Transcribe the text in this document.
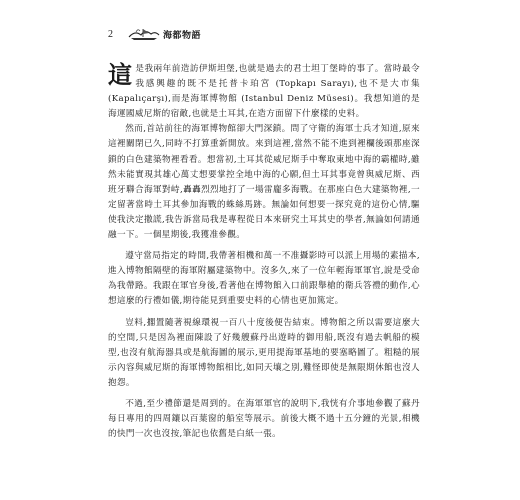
2	海都物語

這是我兩年前造訪伊斯坦堡,也就是過去的君士坦丁堡時的事了。當時最令我感興趣的既不是托普卡珀宮 (Topkapı Sarayı),也不是大市集 (Kapalıçarşı),而是海軍博物館 (Istanbul Deniz Müsesi)。我想知道的是海運國威尼斯的宿敵,也就是土耳其,在造方面留下什麼樣的史料。

然而,首站前往的海軍博物館卻大門深鎖。問了守衛的海軍士兵才知道,原來這裡關閉已久,同時不打算重新開放。來到這裡,當然不能不進到裡欄後頭那座深鎖的白色建築物裡看看。想當初,土耳其從威尼斯手中奪取東地中海的霸權時,雖然未能實現其雄心萬丈想要掌控全地中海的心願,但土耳其事竟曾與威尼斯、西班牙聯合海軍對峙,轟轟烈烈地打了一場雷龐多海戰。在那座白色大建築物裡,一定留著當時土耳其參加海戰的蛛絲馬跡。無論如何想要一探究竟的這份心情,驅使我決定撒謊,我告訴當局我是專程從日本來研究土耳其史的學者,無論如何請通融一下。一個星期後,我獲准參觀。

遵守當局指定的時間,我帶著相機和萬一不准攝影時可以派上用場的素描本,進入博物館隔壁的海軍附屬建築物中。沒多久,來了一位年輕海軍軍官,說是受命為我帶路。我跟在軍官身後,看著他在博物館入口前跟舉槍的衛兵答禮的動作,心想這麼的行禮如儀,期待能見到重要史料的心情也更加篤定。

豈料,擱置隨著視線環視一百八十度後便告結束。博物館之所以需要這麼大的空間,只是因為裡面陳設了好幾艘蘇丹出遊時的御用船,既沒有過去帆船的模型,也沒有航海器具或是航海圖的展示,更用提海軍基地的要塞略圖了。粗糙的展示內容與威尼斯的海軍博物館相比,如同天壤之別,難怪即使是無限期休館也沒人抱怨。

不過,至少禮節還是周到的。在海軍軍官的說明下,我恍有介事地參觀了蘇丹每日專用的四周鑲以百葉窗的船室等展示。前後大概不過十五分鐘的光景,相機的快門一次也沒按,筆記也依舊是白紙一張。
